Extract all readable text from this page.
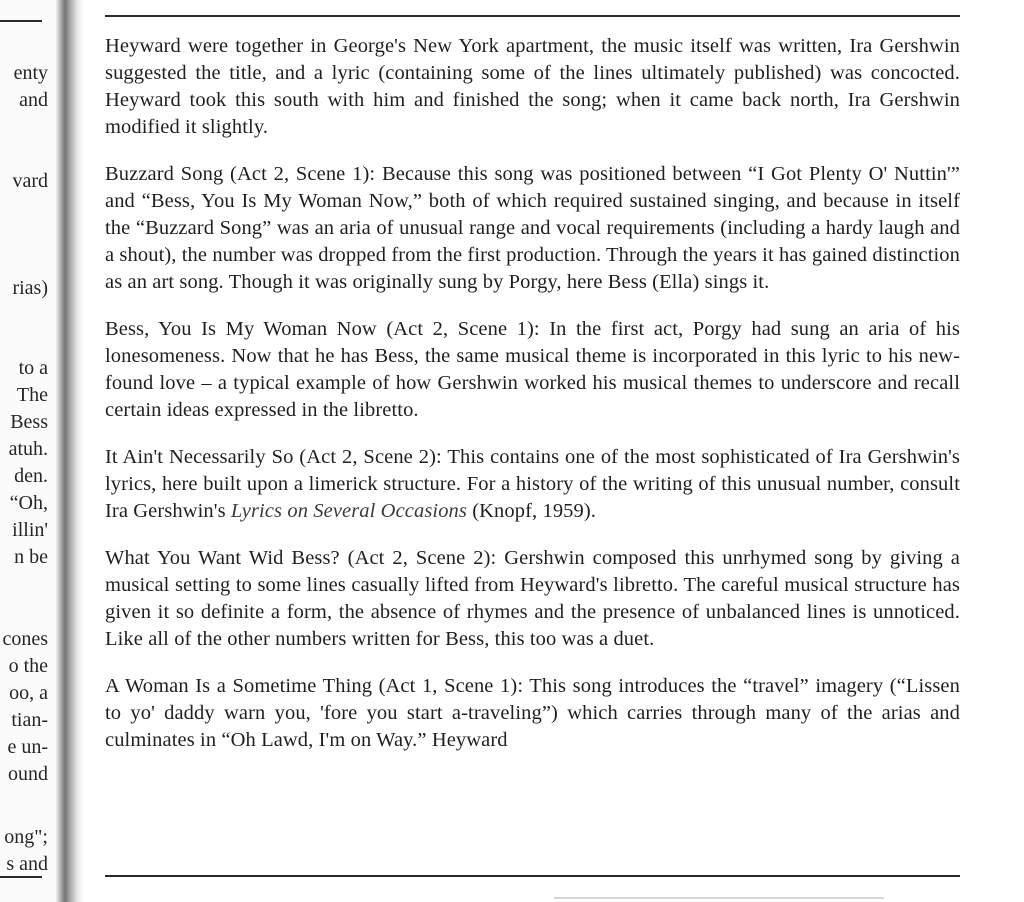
enty
and
vard
rias)
to a
The
Bess
atuh.
den.
“Oh,
illin'
n be
cones
o the
oo, a
tian-
e un-
ound
ong";
s and

Heyward were together in George's New York apartment, the music itself was written, Ira Gershwin suggested the title, and a lyric (containing some of the lines ultimately published) was concocted. Heyward took this south with him and finished the song; when it came back north, Ira Gershwin modified it slightly.

Buzzard Song (Act 2, Scene 1): Because this song was positioned between “I Got Plenty O' Nuttin'” and “Bess, You Is My Woman Now,” both of which required sustained singing, and because in itself the “Buzzard Song” was an aria of unusual range and vocal requirements (including a hardy laugh and a shout), the number was dropped from the first production. Through the years it has gained distinction as an art song. Though it was originally sung by Porgy, here Bess (Ella) sings it.

Bess, You Is My Woman Now (Act 2, Scene 1): In the first act, Porgy had sung an aria of his lonesomeness. Now that he has Bess, the same musical theme is incorporated in this lyric to his new-found love – a typical example of how Gershwin worked his musical themes to underscore and recall certain ideas expressed in the libretto.

It Ain't Necessarily So (Act 2, Scene 2): This contains one of the most sophisticated of Ira Gershwin's lyrics, here built upon a limerick structure. For a history of the writing of this unusual number, consult Ira Gershwin's Lyrics on Several Occasions (Knopf, 1959).

What You Want Wid Bess? (Act 2, Scene 2): Gershwin composed this unrhymed song by giving a musical setting to some lines casually lifted from Heyward's libretto. The careful musical structure has given it so definite a form, the absence of rhymes and the presence of unbalanced lines is unnoticed. Like all of the other numbers written for Bess, this too was a duet.

A Woman Is a Sometime Thing (Act 1, Scene 1): This song introduces the “travel” imagery (“Lissen to yo' daddy warn you, 'fore you start a-traveling”) which carries through many of the arias and culminates in “Oh Lawd, I'm on Way.” Heyward
